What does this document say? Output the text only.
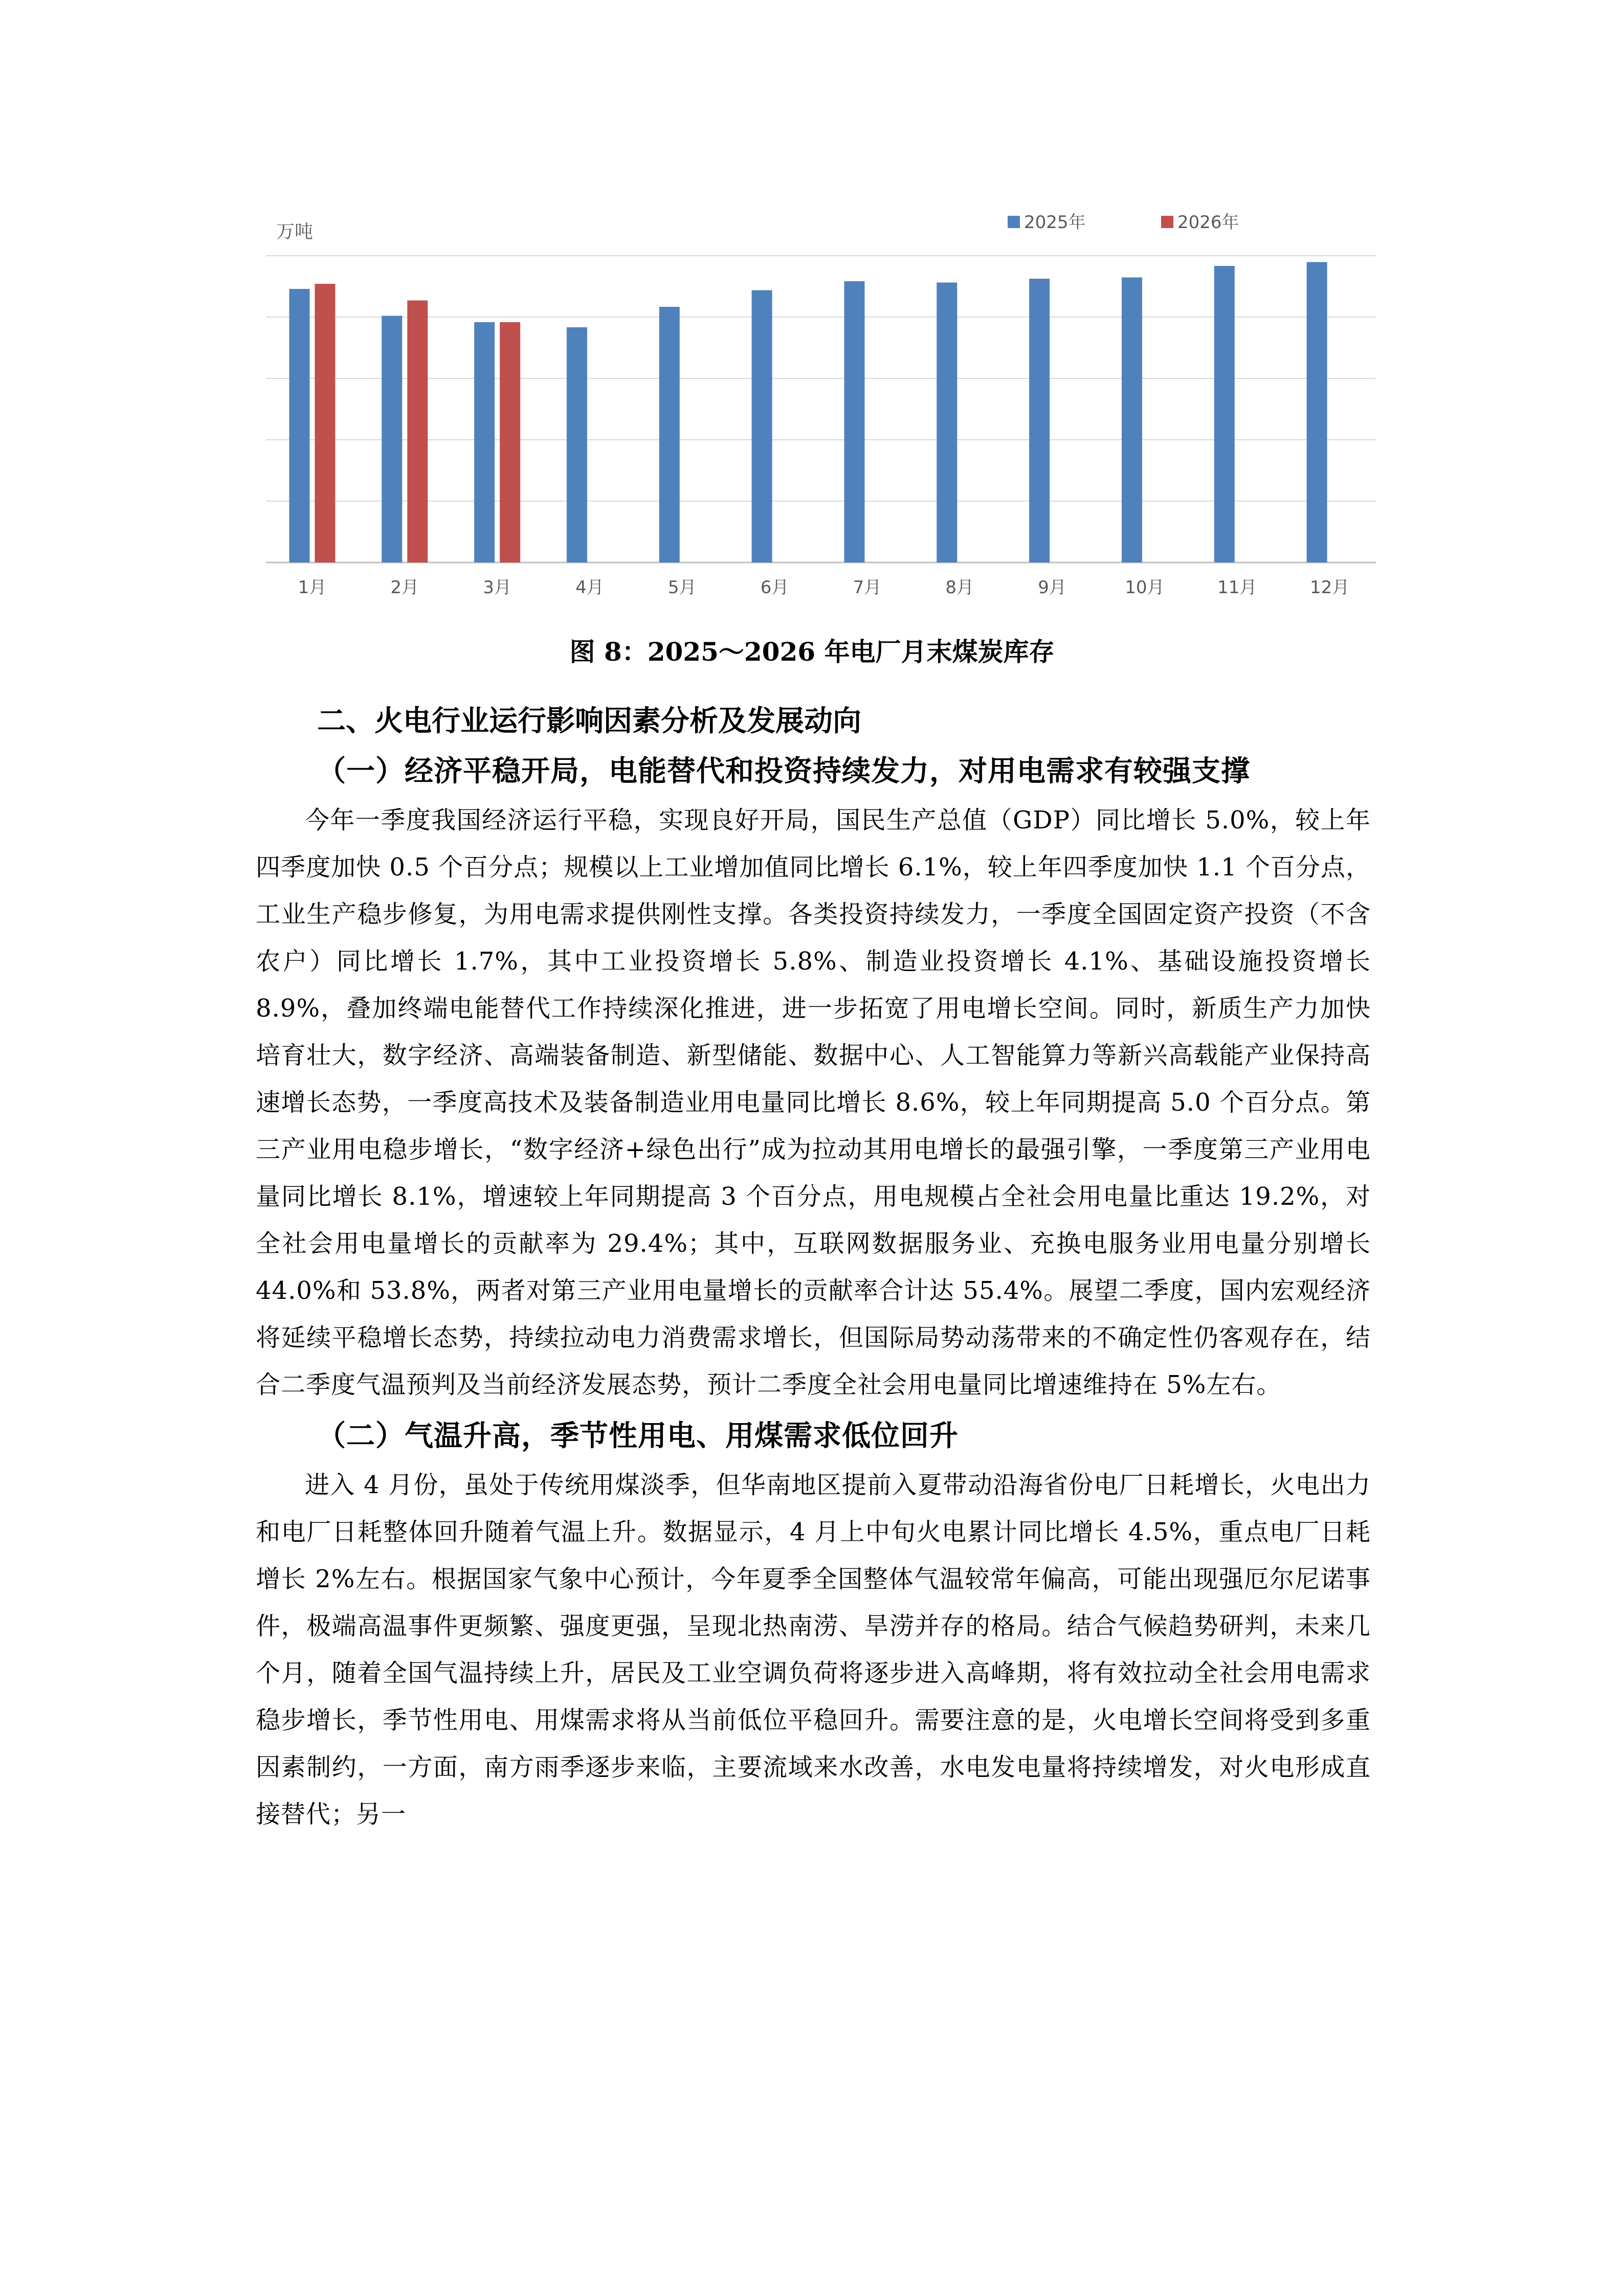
1月	2月	3月	4月	5月	6月	7月	8月	9月	10月	11月	12月
万吨	2025年	2026年
图 8：2025～2026 年电厂月末煤炭库存
二、火电行业运行影响因素分析及发展动向
（一）经济平稳开局，电能替代和投资持续发力，对用电需求有较强支撑

今年一季度我国经济运行平稳，实现良好开局，国民生产总值（GDP）同比增长 5.0%，较上年四季度加快 0.5 个百分点；规模以上工业增加值同比增长 6.1%，较上年四季度加快 1.1 个百分点，工业生产稳步修复，为用电需求提供刚性支撑。各类投资持续发力，一季度全国固定资产投资（不含农户）同比增长 1.7%，其中工业投资增长 5.8%、制造业投资增长 4.1%、基础设施投资增长 8.9%，叠加终端电能替代工作持续深化推进，进一步拓宽了用电增长空间。同时，新质生产力加快培育壮大，数字经济、高端装备制造、新型储能、数据中心、人工智能算力等新兴高载能产业保持高速增长态势，一季度高技术及装备制造业用电量同比增长 8.6%，较上年同期提高 5.0 个百分点。第三产业用电稳步增长，“数字经济+绿色出行”成为拉动其用电增长的最强引擎，一季度第三产业用电量同比增长 8.1%，增速较上年同期提高 3 个百分点，用电规模占全社会用电量比重达 19.2%，对全社会用电量增长的贡献率为 29.4%；其中，互联网数据服务业、充换电服务业用电量分别增长 44.0%和 53.8%，两者对第三产业用电量增长的贡献率合计达 55.4%。展望二季度，国内宏观经济将延续平稳增长态势，持续拉动电力消费需求增长，但国际局势动荡带来的不确定性仍客观存在，结合二季度气温预判及当前经济发展态势，预计二季度全社会用电量同比增速维持在 5%左右。

（二）气温升高，季节性用电、用煤需求低位回升

进入 4 月份，虽处于传统用煤淡季，但华南地区提前入夏带动沿海省份电厂日耗增长，火电出力和电厂日耗整体回升随着气温上升。数据显示，4 月上中旬火电累计同比增长 4.5%，重点电厂日耗增长 2%左右。根据国家气象中心预计，今年夏季全国整体气温较常年偏高，可能出现强厄尔尼诺事件，极端高温事件更频繁、强度更强，呈现北热南涝、旱涝并存的格局。结合气候趋势研判，未来几个月，随着全国气温持续上升，居民及工业空调负荷将逐步进入高峰期，将有效拉动全社会用电需求稳步增长，季节性用电、用煤需求将从当前低位平稳回升。需要注意的是，火电增长空间将受到多重因素制约，一方面，南方雨季逐步来临，主要流域来水改善，水电发电量将持续增发，对火电形成直接替代；另一
